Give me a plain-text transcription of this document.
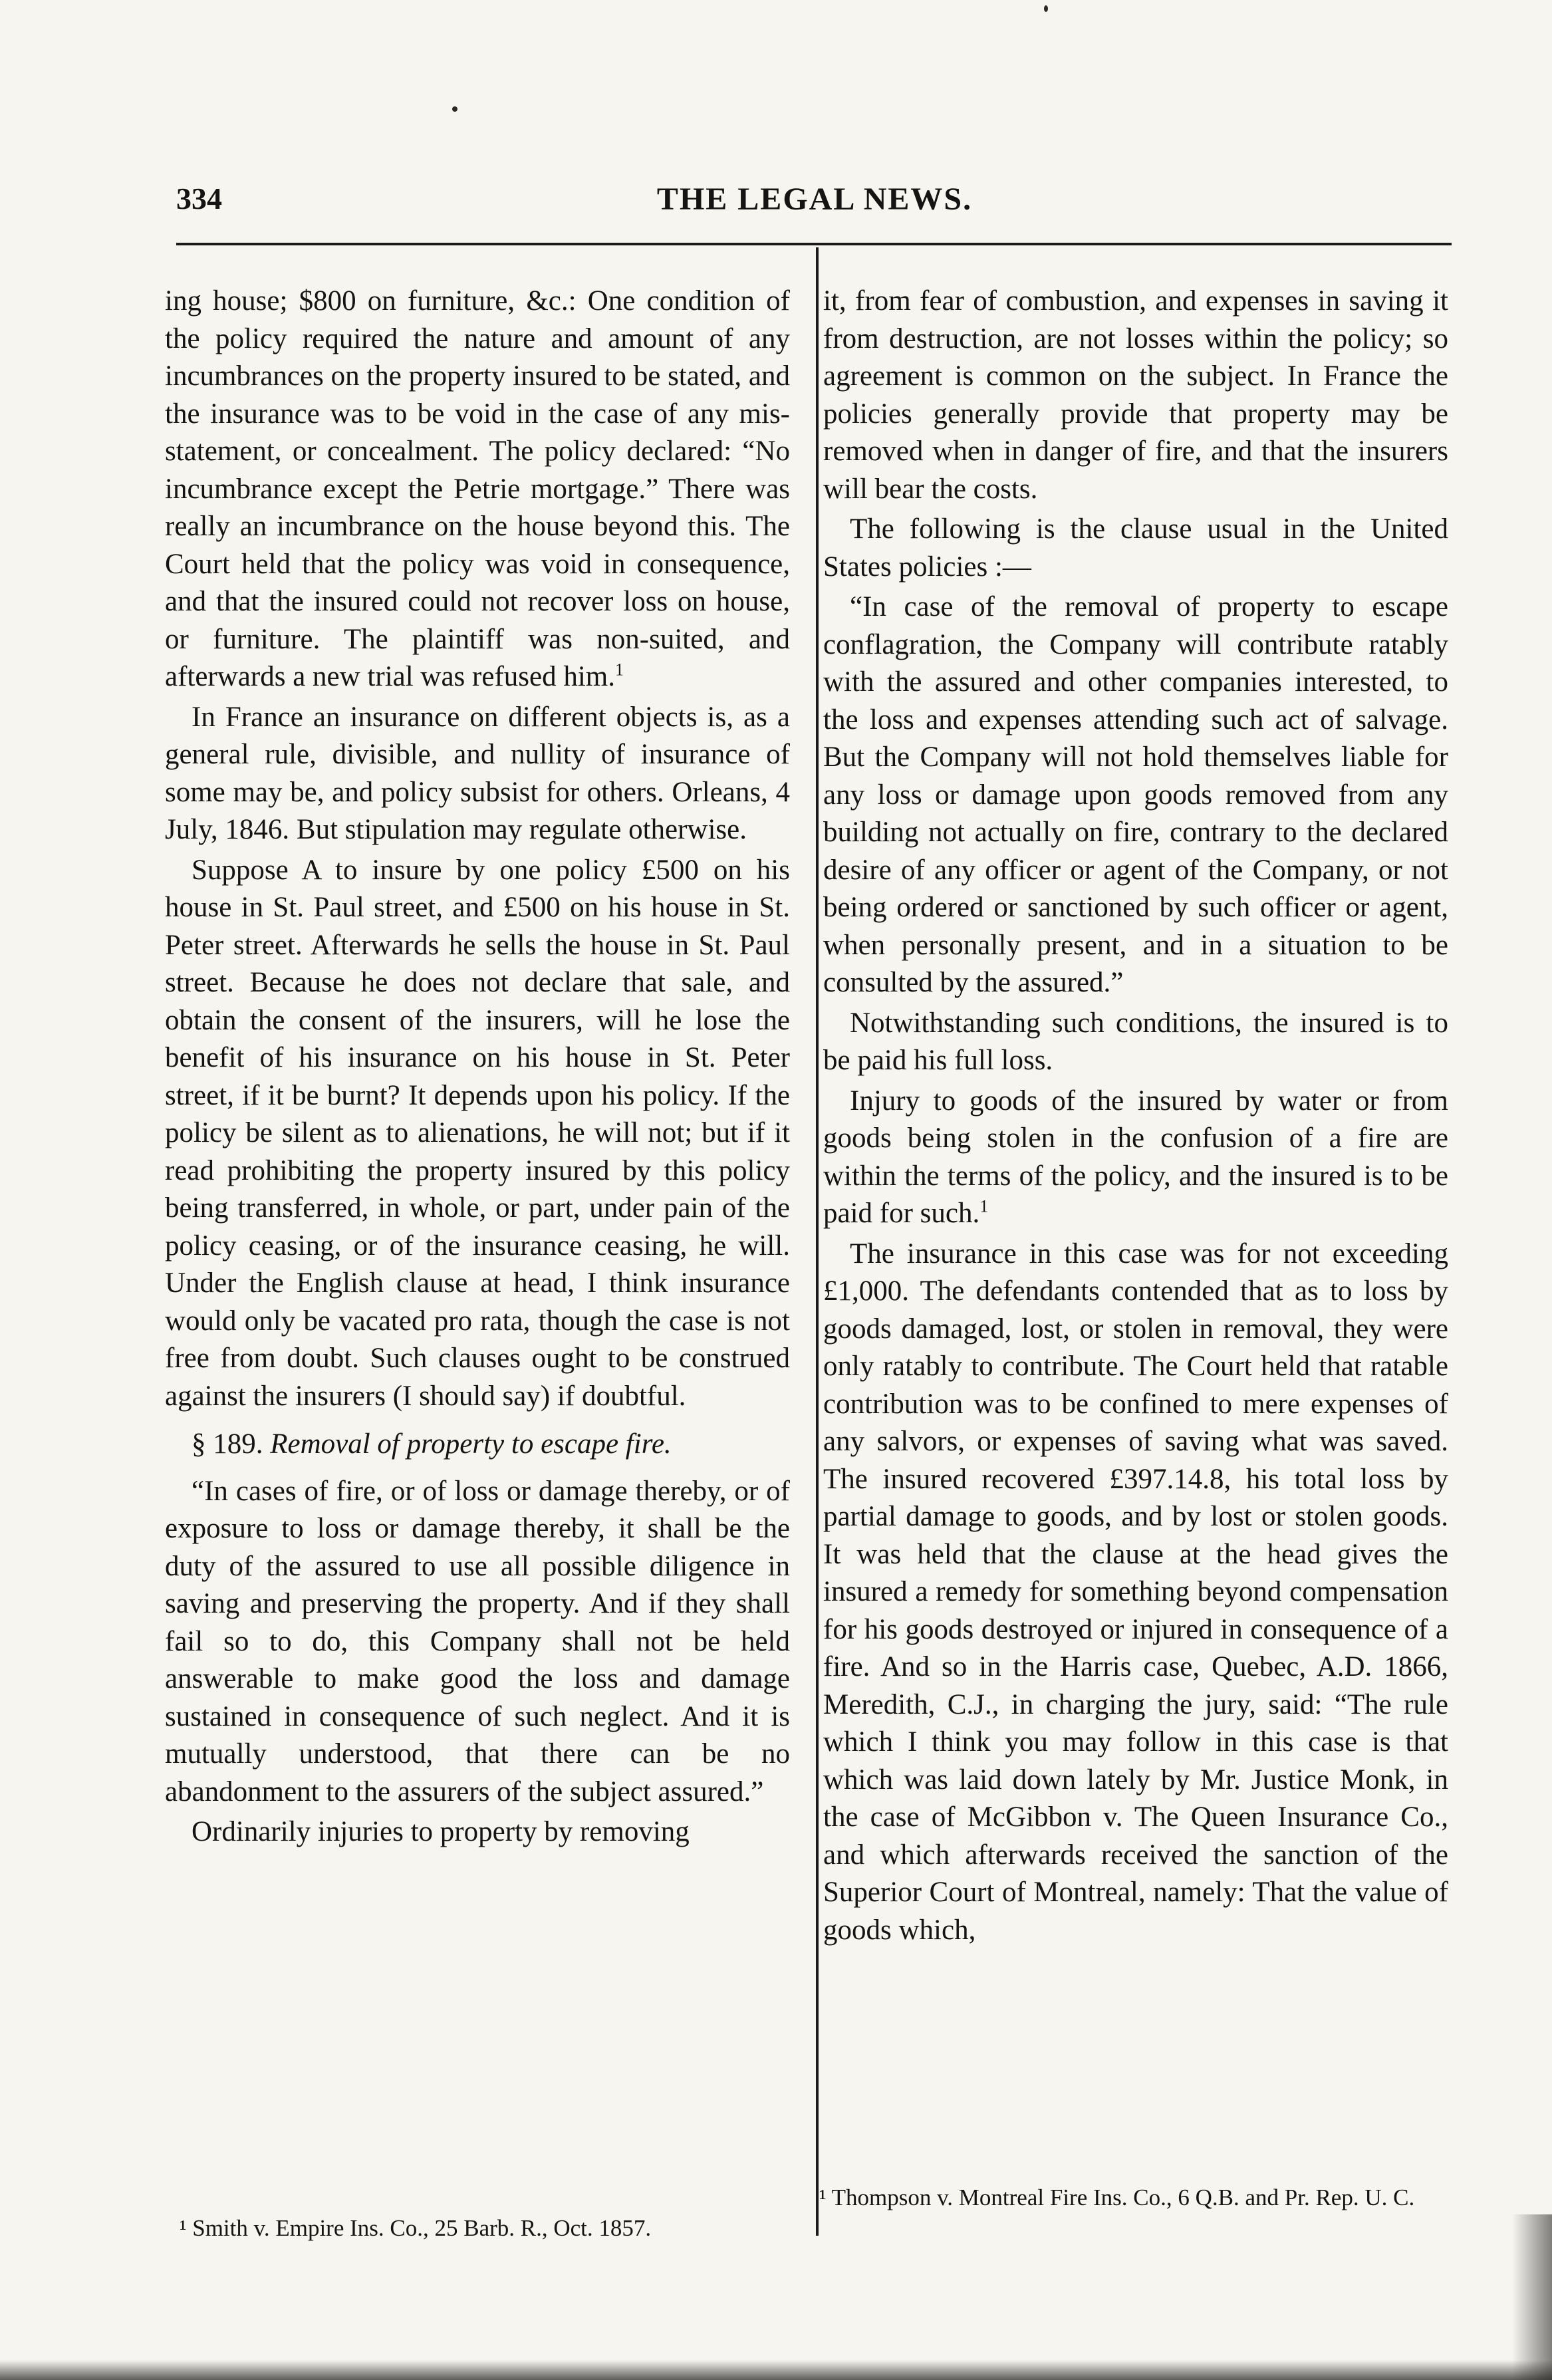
334	THE LEGAL NEWS.

ing house; $800 on furniture, &c.: One condition of the policy required the nature and amount of any incumbrances on the property insured to be stated, and the insurance was to be void in the case of any mis-statement, or concealment. The policy declared: “No incumbrance except the Petrie mortgage.” There was really an incumbrance on the house beyond this. The Court held that the policy was void in consequence, and that the insured could not recover loss on house, or furniture. The plaintiff was non-suited, and afterwards a new trial was refused him.$^1$

In France an insurance on different objects is, as a general rule, divisible, and nullity of insurance of some may be, and policy subsist for others. Orleans, 4 July, 1846. But stipulation may regulate otherwise.

Suppose A to insure by one policy £500 on his house in St. Paul street, and £500 on his house in St. Peter street. Afterwards he sells the house in St. Paul street. Because he does not declare that sale, and obtain the consent of the insurers, will he lose the benefit of his insurance on his house in St. Peter street, if it be burnt? It depends upon his policy. If the policy be silent as to alienations, he will not; but if it read prohibiting the property insured by this policy being transferred, in whole, or part, under pain of the policy ceasing, or of the insurance ceasing, he will. Under the English clause at head, I think insurance would only be vacated pro rata, though the case is not free from doubt. Such clauses ought to be construed against the insurers (I should say) if doubtful.

§ 189. Removal of property to escape fire.

“In cases of fire, or of loss or damage thereby, or of exposure to loss or damage thereby, it shall be the duty of the assured to use all possible diligence in saving and preserving the property. And if they shall fail so to do, this Company shall not be held answerable to make good the loss and damage sustained in consequence of such neglect. And it is mutually understood, that there can be no abandonment to the assurers of the subject assured.”

Ordinarily injuries to property by removing

it, from fear of combustion, and expenses in saving it from destruction, are not losses within the policy; so agreement is common on the subject. In France the policies generally provide that property may be removed when in danger of fire, and that the insurers will bear the costs.

The following is the clause usual in the United States policies :—

“In case of the removal of property to escape conflagration, the Company will contribute ratably with the assured and other companies interested, to the loss and expenses attending such act of salvage. But the Company will not hold themselves liable for any loss or damage upon goods removed from any building not actually on fire, contrary to the declared desire of any officer or agent of the Company, or not being ordered or sanctioned by such officer or agent, when personally present, and in a situation to be consulted by the assured.”

Notwithstanding such conditions, the insured is to be paid his full loss.

Injury to goods of the insured by water or from goods being stolen in the confusion of a fire are within the terms of the policy, and the insured is to be paid for such.$^1$

The insurance in this case was for not exceeding £1,000. The defendants contended that as to loss by goods damaged, lost, or stolen in removal, they were only ratably to contribute. The Court held that ratable contribution was to be confined to mere expenses of any salvors, or expenses of saving what was saved. The insured recovered £397.14.8, his total loss by partial damage to goods, and by lost or stolen goods. It was held that the clause at the head gives the insured a remedy for something beyond compensation for his goods destroyed or injured in consequence of a fire. And so in the Harris case, Quebec, A.D. 1866, Meredith, C.J., in charging the jury, said: “The rule which I think you may follow in this case is that which was laid down lately by Mr. Justice Monk, in the case of McGibbon v. The Queen Insurance Co., and which afterwards received the sanction of the Superior Court of Montreal, namely: That the value of goods which,

¹ Smith v. Empire Ins. Co., 25 Barb. R., Oct. 1857.
¹ Thompson v. Montreal Fire Ins. Co., 6 Q.B. and Pr. Rep. U. C.
